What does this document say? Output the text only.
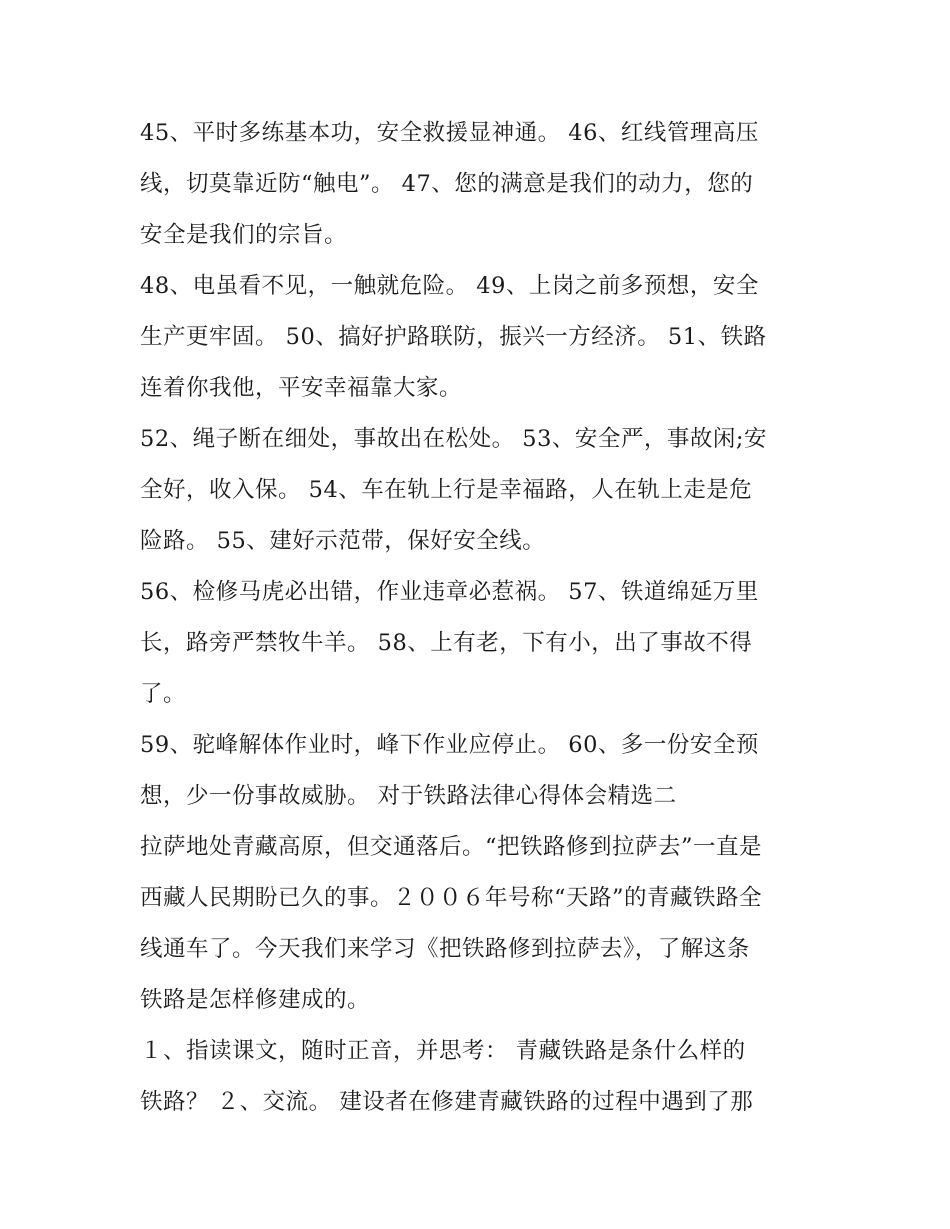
45、平时多练基本功，安全救援显神通。 46、红线管理高压
线，切莫靠近防“触电”。 47、您的满意是我们的动力，您的
安全是我们的宗旨。
48、电虽看不见，一触就危险。 49、上岗之前多预想，安全
生产更牢固。 50、搞好护路联防，振兴一方经济。 51、铁路
连着你我他，平安幸福靠大家。
52、绳子断在细处，事故出在松处。 53、安全严，事故闲;安
全好，收入保。 54、车在轨上行是幸福路，人在轨上走是危
险路。 55、建好示范带，保好安全线。
56、检修马虎必出错，作业违章必惹祸。 57、铁道绵延万里
长，路旁严禁牧牛羊。 58、上有老，下有小，出了事故不得
了。
59、驼峰解体作业时，峰下作业应停止。 60、多一份安全预
想，少一份事故威胁。 对于铁路法律心得体会精选二
拉萨地处青藏高原，但交通落后。“把铁路修到拉萨去”一直是
西藏人民期盼已久的事。２００６年号称“天路”的青藏铁路全
线通车了。今天我们来学习《把铁路修到拉萨去》，了解这条
铁路是怎样修建成的。
１、指读课文，随时正音，并思考： 青藏铁路是条什么样的
铁路？ ２、交流。 建设者在修建青藏铁路的过程中遇到了那
